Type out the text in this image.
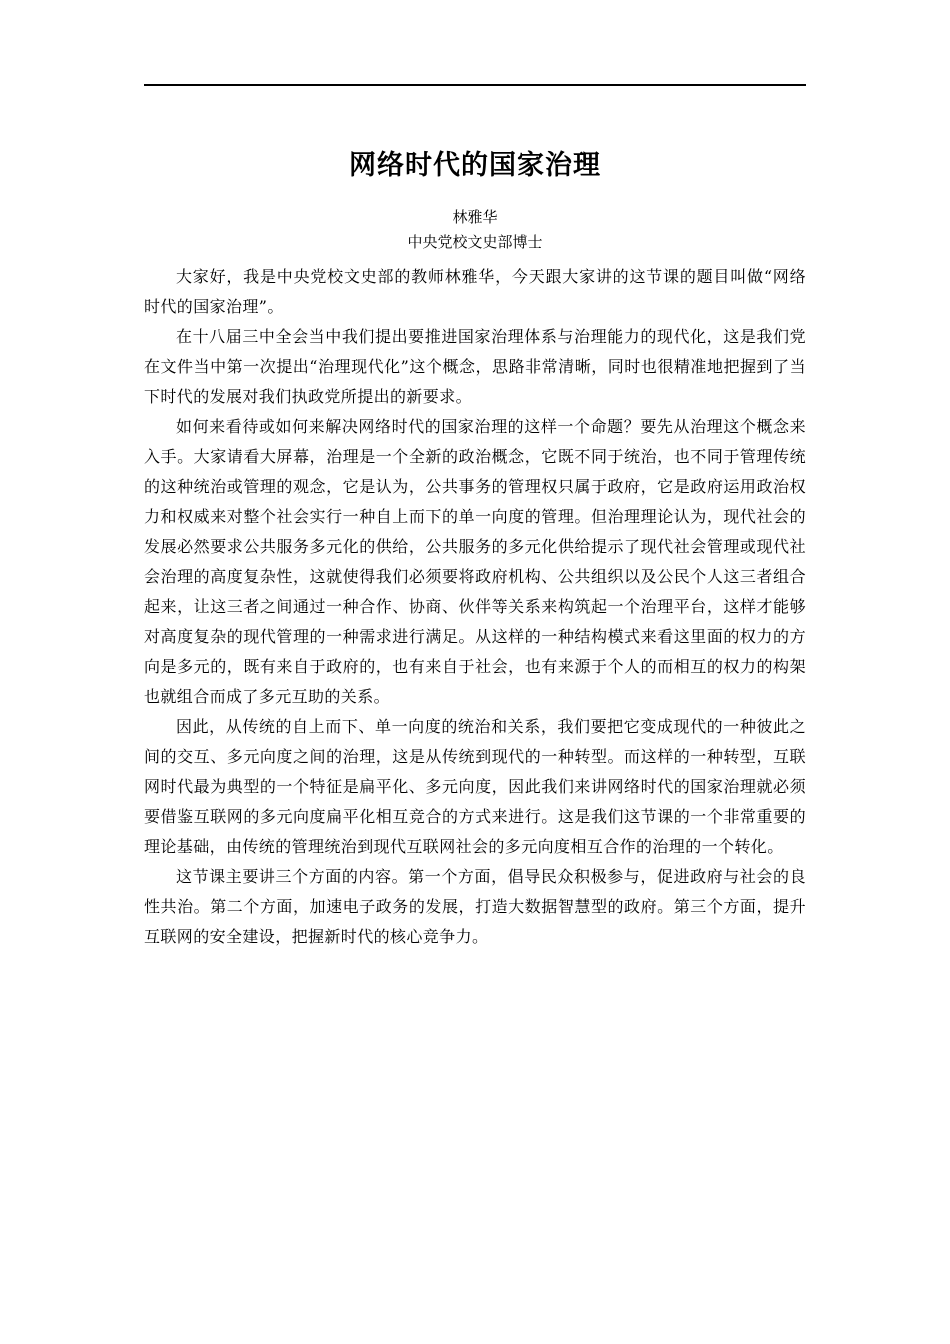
网络时代的国家治理
林雅华
中央党校文史部博士

大家好，我是中央党校文史部的教师林雅华，今天跟大家讲的这节课的题目叫做“网络时代的国家治理”。

在十八届三中全会当中我们提出要推进国家治理体系与治理能力的现代化，这是我们党在文件当中第一次提出“治理现代化”这个概念，思路非常清晰，同时也很精准地把握到了当下时代的发展对我们执政党所提出的新要求。

如何来看待或如何来解决网络时代的国家治理的这样一个命题？要先从治理这个概念来入手。大家请看大屏幕，治理是一个全新的政治概念，它既不同于统治，也不同于管理传统的这种统治或管理的观念，它是认为，公共事务的管理权只属于政府，它是政府运用政治权力和权威来对整个社会实行一种自上而下的单一向度的管理。但治理理论认为，现代社会的发展必然要求公共服务多元化的供给，公共服务的多元化供给提示了现代社会管理或现代社会治理的高度复杂性，这就使得我们必须要将政府机构、公共组织以及公民个人这三者组合起来，让这三者之间通过一种合作、协商、伙伴等关系来构筑起一个治理平台，这样才能够对高度复杂的现代管理的一种需求进行满足。从这样的一种结构模式来看这里面的权力的方向是多元的，既有来自于政府的，也有来自于社会，也有来源于个人的而相互的权力的构架也就组合而成了多元互助的关系。

因此，从传统的自上而下、单一向度的统治和关系，我们要把它变成现代的一种彼此之间的交互、多元向度之间的治理，这是从传统到现代的一种转型。而这样的一种转型，互联网时代最为典型的一个特征是扁平化、多元向度，因此我们来讲网络时代的国家治理就必须要借鉴互联网的多元向度扁平化相互竞合的方式来进行。这是我们这节课的一个非常重要的理论基础，由传统的管理统治到现代互联网社会的多元向度相互合作的治理的一个转化。

这节课主要讲三个方面的内容。第一个方面，倡导民众积极参与，促进政府与社会的良性共治。第二个方面，加速电子政务的发展，打造大数据智慧型的政府。第三个方面，提升互联网的安全建设，把握新时代的核心竞争力。
